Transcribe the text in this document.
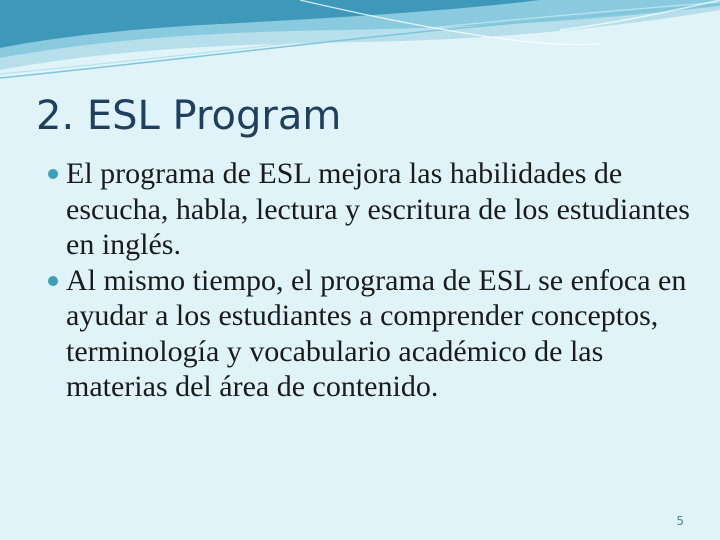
2. ESL Program
El programa de ESL mejora las habilidades de escucha, habla, lectura y escritura de los estudiantes en inglés.
Al mismo tiempo, el programa de ESL se enfoca en ayudar a los estudiantes a comprender conceptos, terminología y vocabulario académico de las materias del área de contenido.
5
